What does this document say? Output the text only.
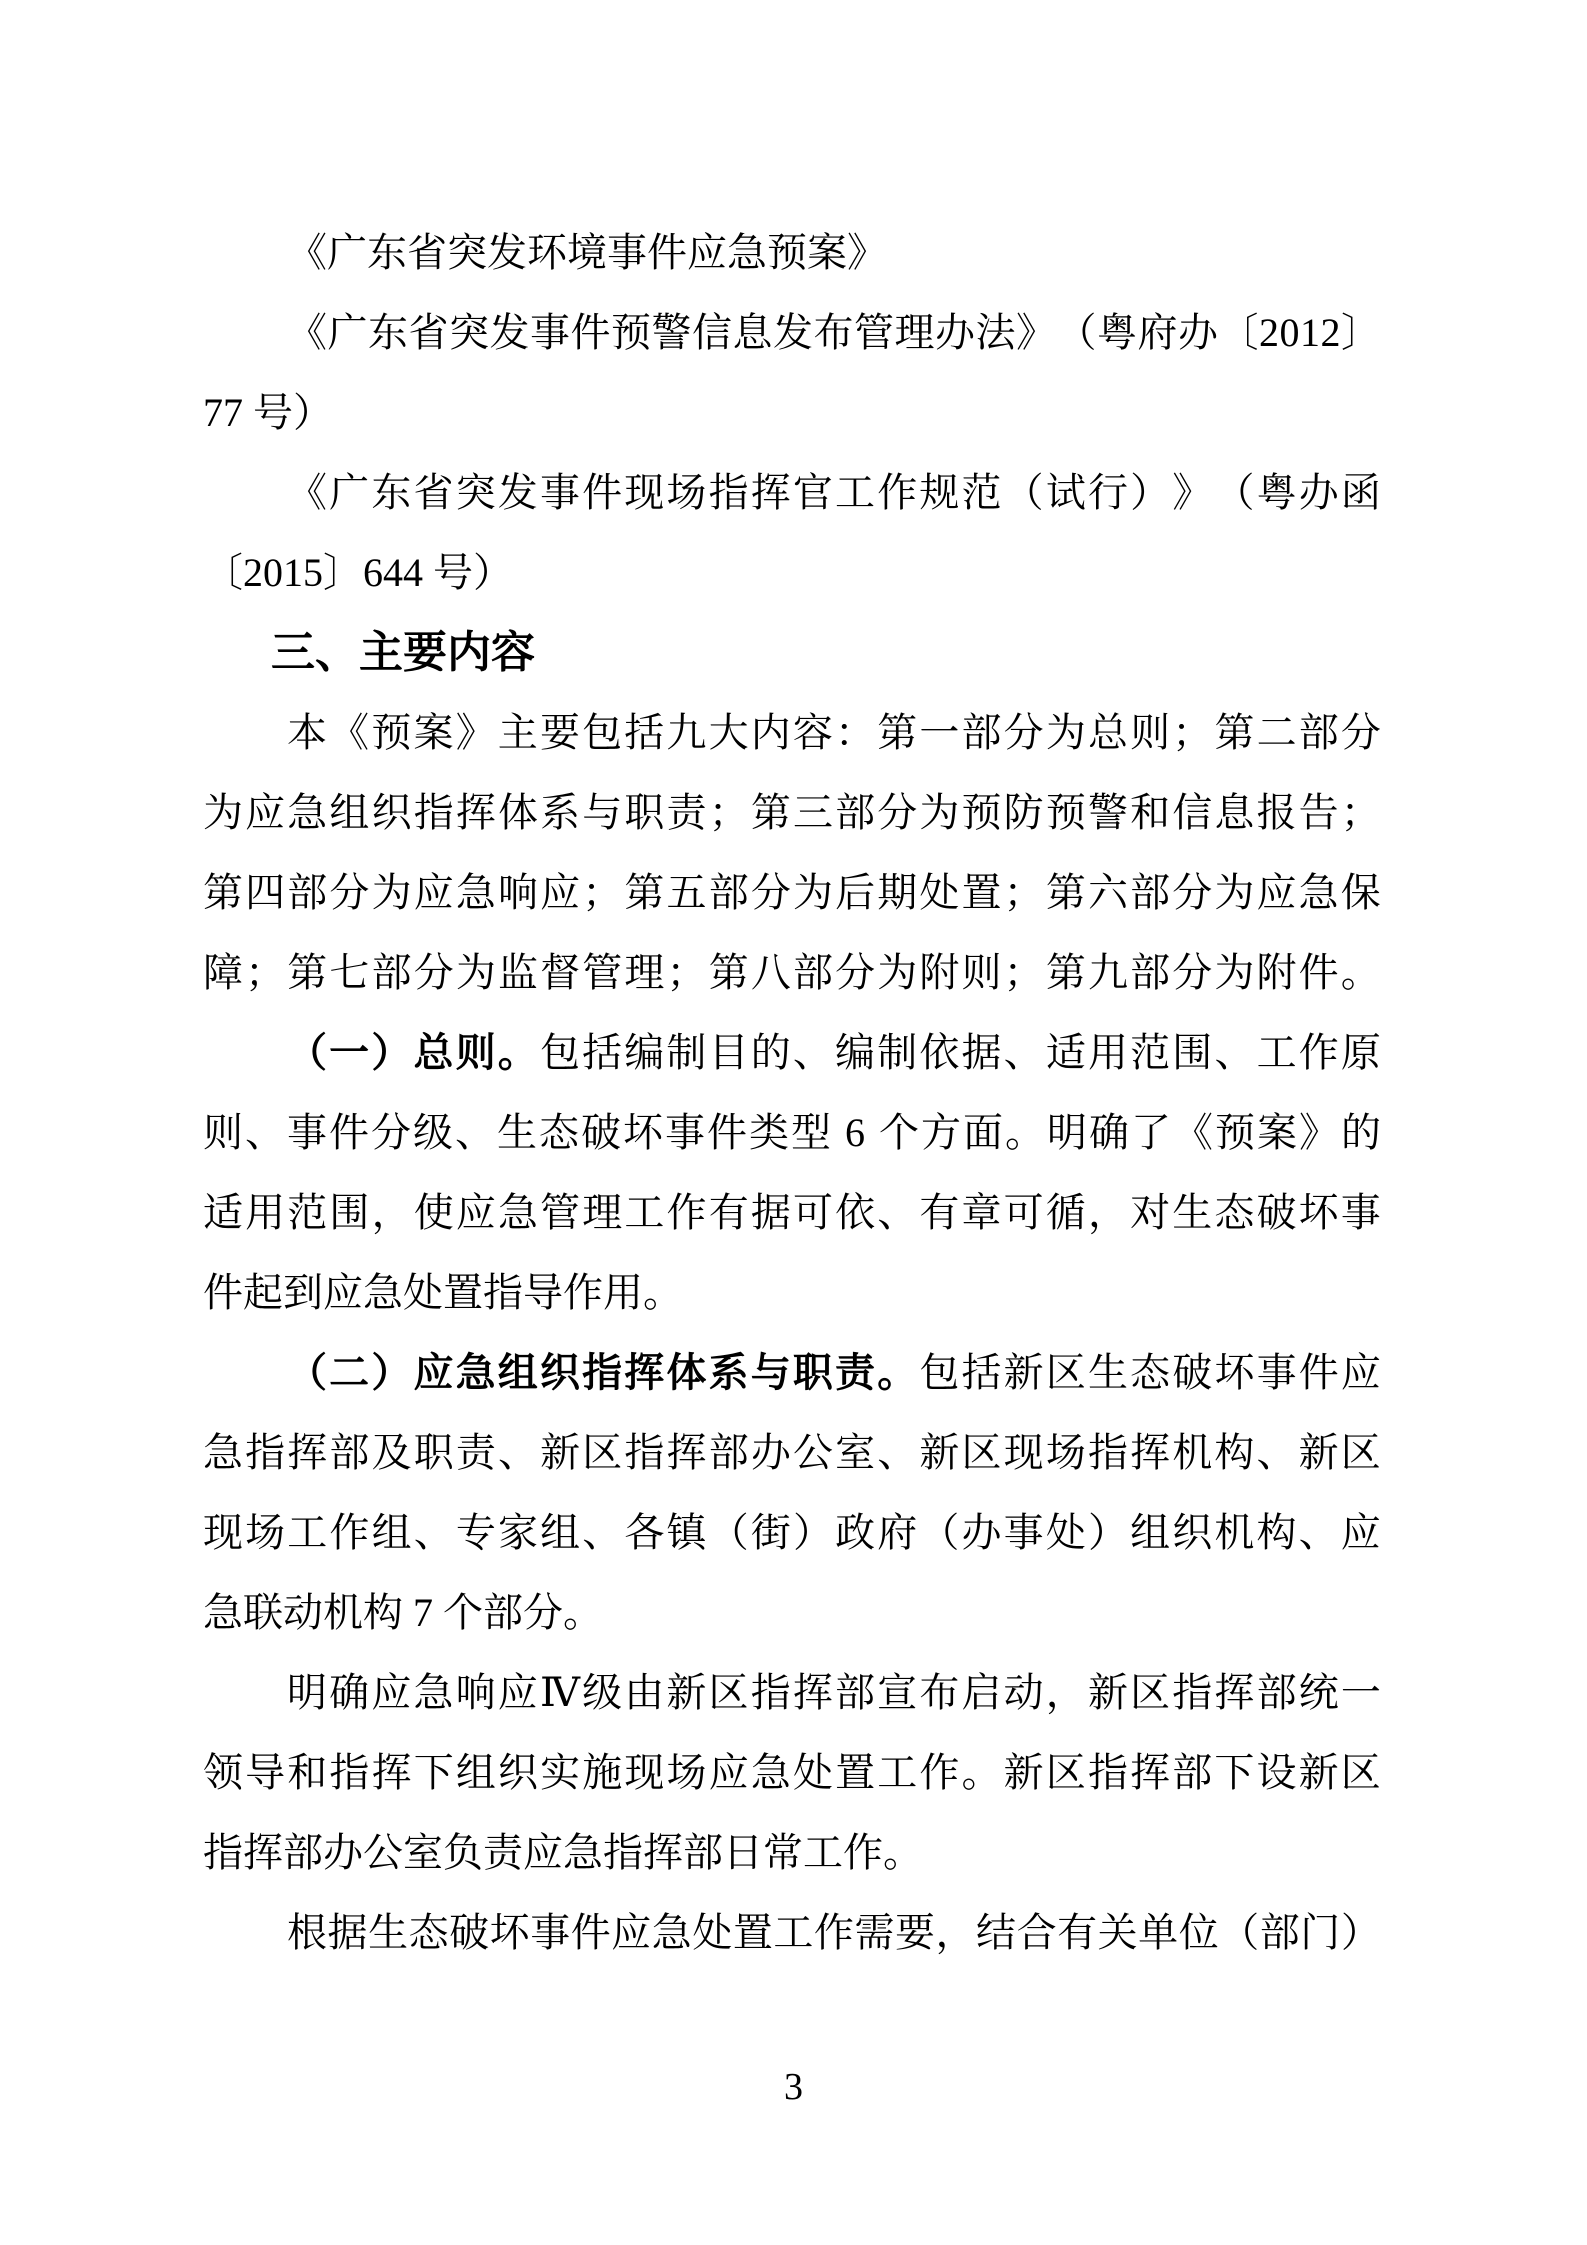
《广东省突发环境事件应急预案》
《 广 东 省 突 发 事 件 预 警 信 息 发 布 管 理 办 法 》 （ 粤 府 办 〔 2 0 1 2 〕
77 号）
《 广 东 省 突 发 事 件 现 场 指 挥 官 工 作 规 范 （ 试 行 ） 》 （ 粤 办 函
〔2015〕644 号）
三、主要内容
本 《 预 案 》 主 要 包 括 九 大 内 容 ： 第 一 部 分 为 总 则 ； 第 二 部 分
为 应 急 组 织 指 挥 体 系 与 职 责 ； 第 三 部 分 为 预 防 预 警 和 信 息 报 告 ；
第 四 部 分 为 应 急 响 应 ； 第 五 部 分 为 后 期 处 置 ； 第 六 部 分 为 应 急 保
障 ； 第 七 部 分 为 监 督 管 理 ； 第 八 部 分 为 附 则 ； 第 九 部 分 为 附 件 。
（ 一 ） 总 则 。 包 括 编 制 目 的 、 编 制 依 据 、 适 用 范 围 、 工 作 原
则 、 事 件 分 级 、 生 态 破 坏 事 件 类 型
6
个 方 面 。 明 确 了 《 预 案 》 的
适 用 范 围 ， 使 应 急 管 理 工 作 有 据 可 依 、 有 章 可 循 ， 对 生 态 破 坏 事
件起到应急处置指导作用。
（ 二 ） 应 急 组 织 指 挥 体 系 与 职 责 。 包 括 新 区 生 态 破 坏 事 件 应
急 指 挥 部 及 职 责 、 新 区 指 挥 部 办 公 室 、 新 区 现 场 指 挥 机 构 、 新 区
现 场 工 作 组 、 专 家 组 、 各 镇 （ 街 ） 政 府 （ 办 事 处 ） 组 织 机 构 、 应
急联动机构 7 个部分。
明 确 应 急 响 应 Ⅳ 级 由 新 区 指 挥 部 宣 布 启 动 ， 新 区 指 挥 部 统 一
领 导 和 指 挥 下 组 织 实 施 现 场 应 急 处 置 工 作 。 新 区 指 挥 部 下 设 新 区
指挥部办公室负责应急指挥部日常工作。
根 据 生 态 破 坏 事 件 应 急 处 置 工 作 需 要 ， 结 合 有 关 单 位 （ 部 门 ）
3
